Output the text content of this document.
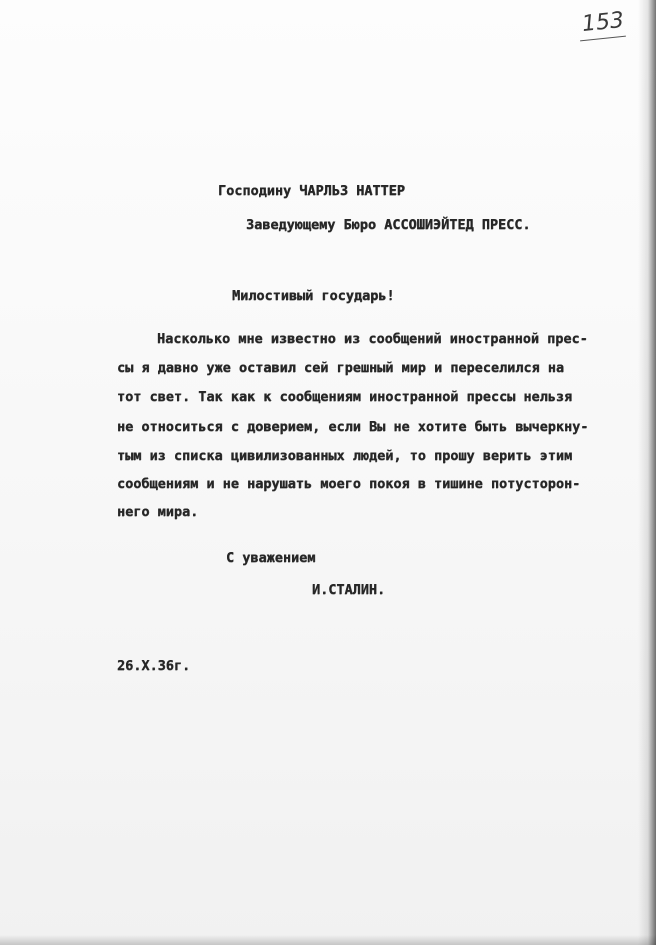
153
Господину ЧАРЛЬЗ НАТТЕР
Заведующему Бюро АССОШИЭЙТЕД ПРЕСС.
Милостивый государь!
Насколько мне известно из сообщений иностранной прес-
сы я давно уже оставил сей грешный мир и переселился на
тот свет. Так как к сообщениям иностранной прессы нельзя
не относиться с доверием, если Вы не хотите быть вычеркну-
тым из списка цивилизованных людей, то прошу верить этим
сообщениям и не нарушать моего покоя в тишине потусторон-
него мира.
С уважением
И.СТАЛИН.
26.X.36г.
